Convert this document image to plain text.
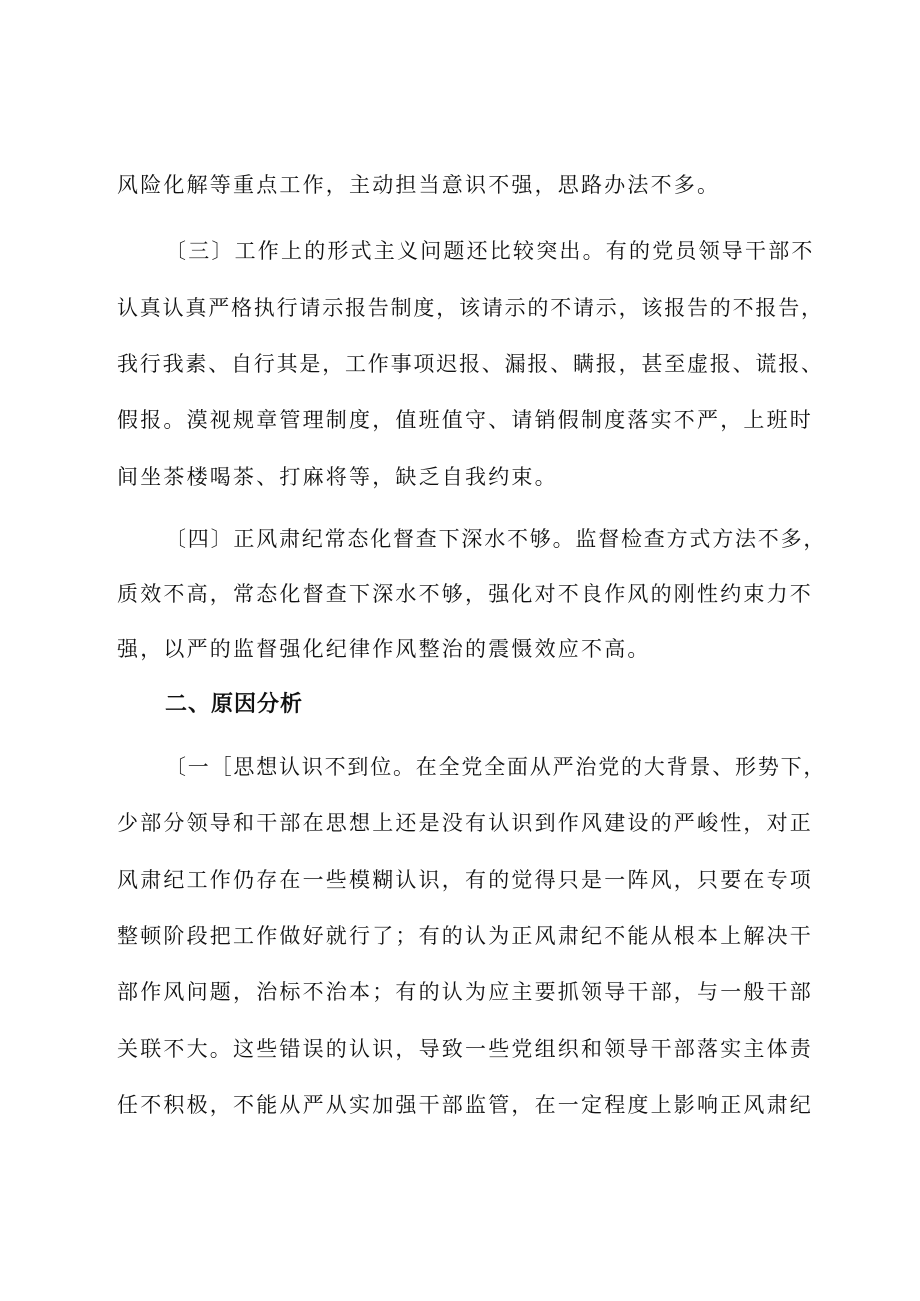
风险化解等重点工作，主动担当意识不强，思路办法不多。
〔三〕工作上的形式主义问题还比较突出。有的党员领导干部不
认真认真严格执行请示报告制度，该请示的不请示，该报告的不报告，
我行我素、自行其是，工作事项迟报、漏报、瞒报，甚至虚报、谎报、
假报。漠视规章管理制度，值班值守、请销假制度落实不严，上班时
间坐茶楼喝茶、打麻将等，缺乏自我约束。
〔四〕正风肃纪常态化督查下深水不够。监督检查方式方法不多，
质效不高，常态化督查下深水不够，强化对不良作风的刚性约束力不
强，以严的监督强化纪律作风整治的震慑效应不高。
二、原因分析
〔一［思想认识不到位。在全党全面从严治党的大背景、形势下，
少部分领导和干部在思想上还是没有认识到作风建设的严峻性，对正
风肃纪工作仍存在一些模糊认识，有的觉得只是一阵风，只要在专项
整顿阶段把工作做好就行了；有的认为正风肃纪不能从根本上解决干
部作风问题，治标不治本；有的认为应主要抓领导干部，与一般干部
关联不大。这些错误的认识，导致一些党组织和领导干部落实主体责
任不积极，不能从严从实加强干部监管，在一定程度上影响正风肃纪
